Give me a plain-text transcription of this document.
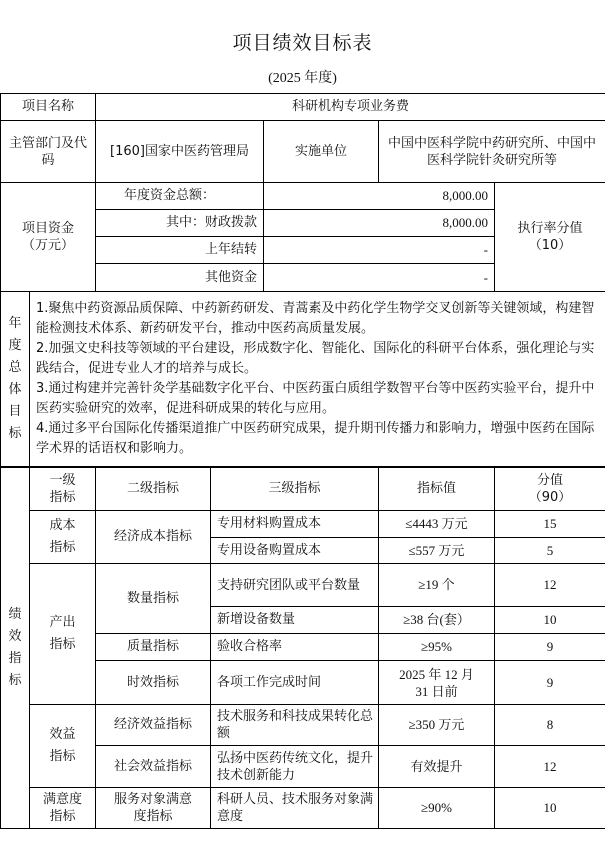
项目绩效目标表
(2025 年度)
项目名称		科研机构专项业务费			
主管部门及代码		[160]国家中医药管理局	实施单位	中国中医科学院中药研究所、中国中医科学院针灸研究所等	
项目资金（万元）		年度资金总额：	8,000.00		执行率分值（10）
		其中：财政拨款	8,000.00		
		上年结转	-		
		其他资金	-		

年度总体目标	1.聚焦中药资源品质保障、中药新药研发、青蒿素及中药化学生物学交叉创新等关键领域，构建智能检测技术体系、新药研发平台，推动中医药高质量发展。
2.加强文史科技等领域的平台建设，形成数字化、智能化、国际化的科研平台体系，强化理论与实践结合，促进专业人才的培养与成长。
3.通过构建并完善针灸学基础数字化平台、中医药蛋白质组学数智平台等中医药实验平台，提升中医药实验研究的效率，促进科研成果的转化与应用。
4.通过多平台国际化传播渠道推广中医药研究成果，提升期刊传播力和影响力，增强中医药在国际学术界的话语权和影响力。				
绩效指标	一级指标	二级指标	三级指标	指标值	分值（90）
	成本指标	经济成本指标	专用材料购置成本	≤4443 万元	15
			专用设备购置成本	≤557 万元	5
	产出指标	数量指标	支持研究团队或平台数量	≥19 个	12
			新增设备数量	≥38 台(套）	10
		质量指标	验收合格率	≥95%	9
		时效指标	各项工作完成时间	2025 年 12 月 31 日前	9
	效益指标	经济效益指标	技术服务和科技成果转化总额	≥350 万元	8
		社会效益指标	弘扬中医药传统文化，提升技术创新能力	有效提升	12
	满意度指标	服务对象满意度指标	科研人员、技术服务对象满意度	≥90%	10
